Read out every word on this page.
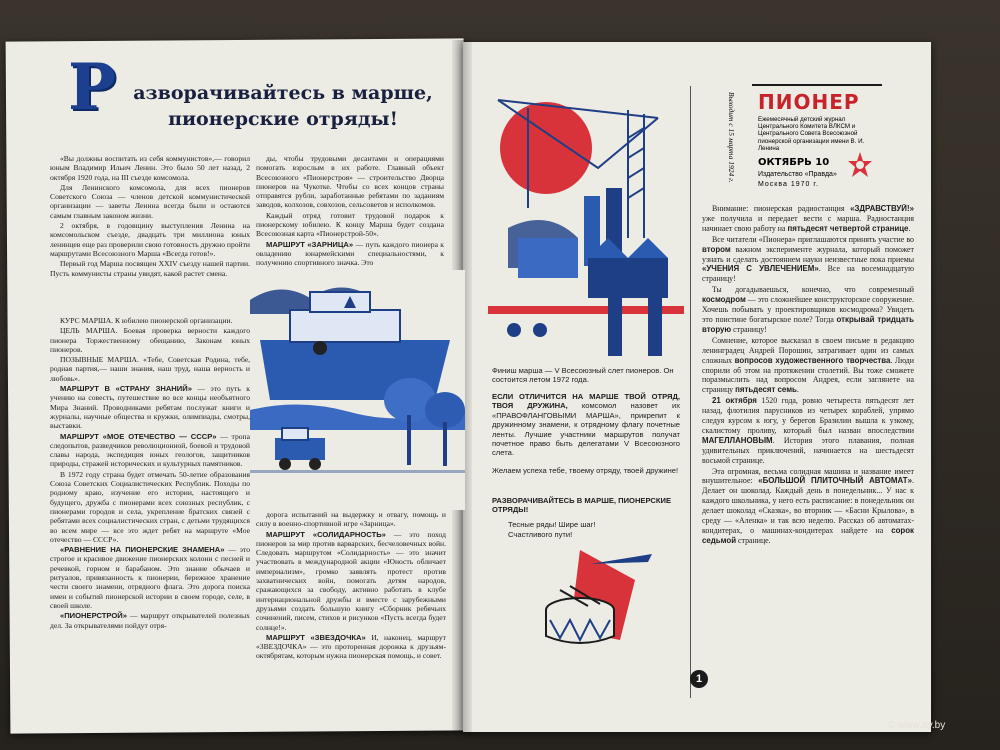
Р азворачивайтесь в марше, пионерские отряды!

«Вы должны воспитать из себя коммунистов»,— говорил юным Владимир Ильич Ленин. Это было 50 лет назад, 2 октября 1920 года, на III съезде комсомола.

Для Ленинского комсомола, для всех пионеров Советского Союза — членов детской коммунистической организации — заветы Ленина всегда были и остаются самым главным законом жизни.

2 октября, в годовщину выступления Ленина на комсомольском съезде, двадцать три миллиона юных ленинцев еще раз проверили свою готовность дружно пройти маршрутами Всесоюзного Марша «Всегда готов!».

Первый год Марша посвящен XXIV съезду нашей партии. Пусть коммунисты страны увидят, какой растет смена.

КУРС МАРША. К юбилею пионерской организации.

ЦЕЛЬ МАРША. Боевая проверка верности каждого пионера Торжественному обещанию, Законам юных пионеров.

ПОЗЫВНЫЕ МАРША. «Тебе, Советская Родина, тебе, родная партия,— наши знания, наш труд, наша верность и любовь».

МАРШРУТ В «СТРАНУ ЗНАНИЙ» — это путь к учению на совесть, путешествие во все концы необъятного Мира Знаний. Проводниками ребятам послужат книги и журналы, научные общества и кружки, олимпиады, смотры, выставки.

МАРШРУТ «МОЕ ОТЕЧЕСТВО — СССР» — тропа следопытов, разведчиков революционной, боевой и трудовой славы народа, экспедиция юных геологов, защитников природы, стражей исторических и культурных памятников.

В 1972 году страна будет отмечать 50-летие образования Союза Советских Социалистических Республик. Походы по родному краю, изучение его истории, настоящего и будущего, дружба с пионерами всех союзных республик, с пионерами городов и села, укрепление братских связей с ребятами всех социалистических стран, с детьми трудящихся во всем мире — все это ждет ребят на маршруте «Мое отечество — СССР».

«РАВНЕНИЕ НА ПИОНЕРСКИЕ ЗНАМЕНА» — это строгое и красивое движение пионерских колонн с песней и речевкой, горном и барабаном. Это знание обычаев и ритуалов, привязанность к пионерии, бережное хранение чести своего знамени, отрядного флага. Это дорога поиска имен и событий пионерской истории в своем городе, селе, в своей школе.

«ПИОНЕРСТРОЙ» — маршрут открывателей полезных дел. За открывателями пойдут отря-

ды, чтобы трудовыми десантами и операциями помогать взрослым в их работе. Главный объект Всесоюзного «Пионерстроя» — строительство Дворца пионеров на Чукотке. Чтобы со всех концов страны отправятся рубли, заработанные ребятами по заданиям заводов, колхозов, совхозов, сельсоветов и исполкомов.

Каждый отряд готовит трудовой подарок к пионерскому юбилею. К концу Марша будет создана Всесоюзная карта «Пионерстрой-50».

МАРШРУТ «ЗАРНИЦА» — путь каждого пионера к овладению юнармейскими специальностями, к получению спортивного значка. Это

дорога испытаний на выдержку и отвагу, помощь и силу в военно-спортивной игре «Зарница».

МАРШРУТ «СОЛИДАРНОСТЬ» — это поход пионеров за мир против варварских, бесчеловечных войн. Следовать маршрутом «Солидарность» — это значит участвовать в международной акции «Юность обличает империализм», громко заявлять протест против захватнических войн, помогать детям народов, сражающихся за свободу, активно работать в клубе интернациональной дружбы и вместе с зарубежными друзьями создать большую книгу «Сборник ребячьих сочинений, писем, стихов и рисунков «Пусть всегда будет солнце!».

МАРШРУТ «ЗВЕЗДОЧКА» И, наконец, маршрут «ЗВЕЗДОЧКА» — это проторенная дорожка к друзьям-октябрятам, которым нужна пионерская помощь, и совет.

Финиш марша — V Всесоюзный слет пионеров. Он состоится летом 1972 года.
ЕСЛИ ОТЛИЧИТСЯ НА МАРШЕ ТВОЙ ОТРЯД, ТВОЯ ДРУЖИНА, комсомол назовет их «ПРАВОФЛАНГОВЫМИ МАРША», прикрепит к дружинному знамени, к отрядному флагу почетные ленты. Лучшие участники маршрутов получат почетное право быть делегатами V Всесоюзного слета.
Желаем успеха тебе, твоему отряду, твоей дружине!
РАЗВОРАЧИВАЙТЕСЬ В МАРШЕ, ПИОНЕРСКИЕ ОТРЯДЫ!
Тесные ряды! Шире шаг!
Счастливого пути!
1
Выходит с 15 марта 1924 г. ПИОНЕР
Ежемесячный детский журнал Центрального Комитета ВЛКСМ и Центрального Совета Всесоюзной пионерской организации имени В. И. Ленина
ОКТЯБРЬ 10
Издательство «Правда»
Москва 1970 г.

Внимание: пионерская радиостанция «ЗДРАВСТВУЙ!» уже получила и передает вести с марша. Радиостанция начинает свою работу на пятьдесят четвертой странице.

Все читатели «Пионера» приглашаются принять участие во втором важном эксперименте журнала, который поможет узнать и сделать достоянием науки неизвестные пока приемы «УЧЕНИЯ С УВЛЕЧЕНИЕМ». Все на восемнадцатую страницу!

Ты догадываешься, конечно, что современный космодром — это сложнейшее конструкторское сооружение. Хочешь побывать у проектировщиков космодрома? Увидеть это поистине богатырское поле? Тогда открывай тридцать вторую страницу!

Сомнение, которое высказал в своем письме в редакцию ленинградец Андрей Порошин, затрагивает один из самых сложных вопросов художественного творчества. Люди спорили об этом на протяжении столетий. Вы тоже сможете поразмыслить над вопросом Андрея, если заглянете на страницу пятьдесят семь.

21 октября 1520 года, ровно четыреста пятьдесят лет назад, флотилия парусников из четырех кораблей, упрямо следуя курсом к югу, у берегов Бразилии вышла к узкому, скалистому проливу, который был назван впоследствии МАГЕЛЛАНОВЫМ. История этого плавания, полная удивительных приключений, начинается на шестьдесят восьмой странице.

Эта огромная, весьма солидная машина и название имеет внушительное: «БОЛЬШОЙ ПЛИТОЧНЫЙ АВТОМАТ». Делает он шоколад. Каждый день в понедельник... У нас к каждого школьника, у него есть расписание: в понедельник он делает шоколад «Сказка», во вторник — «Басни Крылова», в среду — «Аленка» и так всю неделю. Рассказ об автоматах-кондитерах, о машинах-кондитерах найдете на сорок седьмой странице.

© www.ay.by
